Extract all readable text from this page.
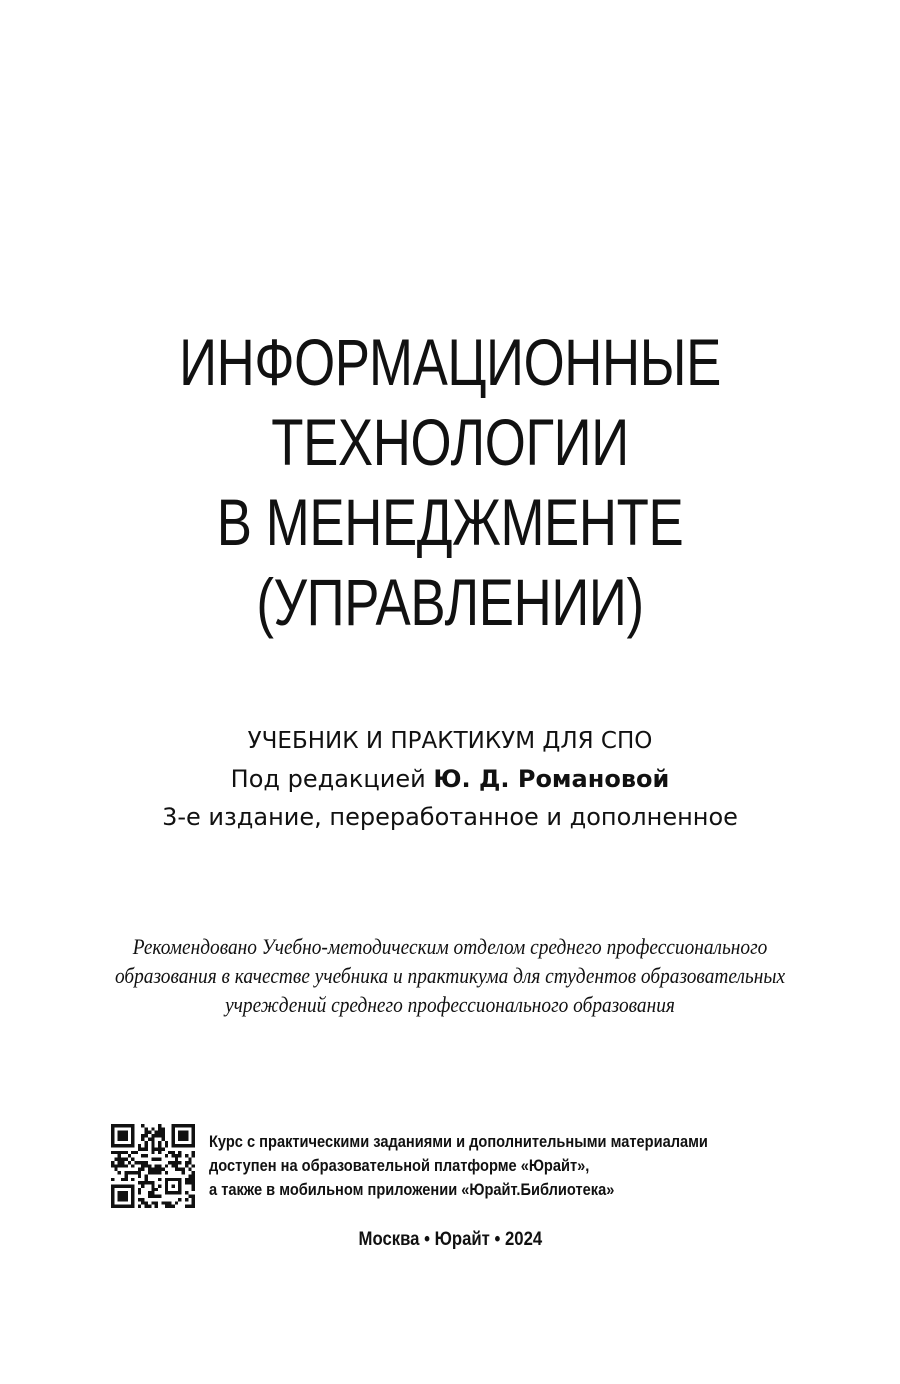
ИНФОРМАЦИОННЫЕ
ТЕХНОЛОГИИ
В МЕНЕДЖМЕНТЕ
(УПРАВЛЕНИИ)
УЧЕБНИК И ПРАКТИКУМ ДЛЯ СПО
Под редакцией Ю. Д. Романовой
3-е издание, переработанное и дополненное
Рекомендовано Учебно-методическим отделом среднего профессионального
образования в качестве учебника и практикума для студентов образовательных
учреждений среднего профессионального образования
Курс с практическими заданиями и дополнительными материалами
доступен на образовательной платформе «Юрайт»,
а также в мобильном приложении «Юрайт.Библиотека»
Москва • Юрайт • 2024
